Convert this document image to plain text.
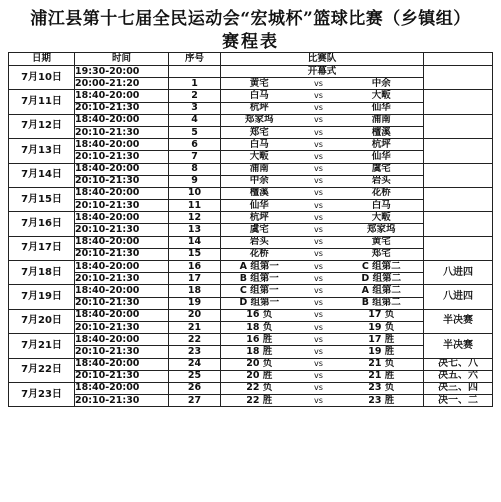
浦江县第十七届全民运动会“宏城杯”篮球比赛（乡镇组）
赛程表
日期	时间	序号	比赛队			
7月10日	19:30-20:00		开幕式			
	20:00-21:20	1	黄宅	vs	中余	
7月11日	18:40-20:00	2	白马	vs	大畈	
	20:10-21:30	3	杭坪	vs	仙华	
7月12日	18:40-20:00	4	郑家坞	vs	浦南	
	20:10-21:30	5	郑宅	vs	檀溪	
7月13日	18:40-20:00	6	白马	vs	杭坪	
	20:10-21:30	7	大畈	vs	仙华	
7月14日	18:40-20:00	8	浦南	vs	虞宅	
	20:10-21:30	9	中余	vs	岩头	
7月15日	18:40-20:00	10	檀溪	vs	花桥	
	20:10-21:30	11	仙华	vs	白马	
7月16日	18:40-20:00	12	杭坪	vs	大畈	
	20:10-21:30	13	虞宅	vs	郑家坞	
7月17日	18:40-20:00	14	岩头	vs	黄宅	
	20:10-21:30	15	花桥	vs	郑宅	
7月18日	18:40-20:00	16	A 组第一	vs	C 组第二	八进四
	20:10-21:30	17	B 组第一	vs	D 组第二	
7月19日	18:40-20:00	18	C 组第一	vs	A 组第二	八进四
	20:10-21:30	19	D 组第一	vs	B 组第二	
7月20日	18:40-20:00	20	16 负	vs	17 负	半决赛
	20:10-21:30	21	18 负	vs	19 负	
7月21日	18:40-20:00	22	16 胜	vs	17 胜	半决赛
	20:10-21:30	23	18 胜	vs	19 胜	
7月22日	18:40-20:00	24	20 负	vs	21 负	决七、八
	20:10-21:30	25	20 胜	vs	21 胜	决五、六
7月23日	18:40-20:00	26	22 负	vs	23 负	决三、四
	20:10-21:30	27	22 胜	vs	23 胜	决一、二
